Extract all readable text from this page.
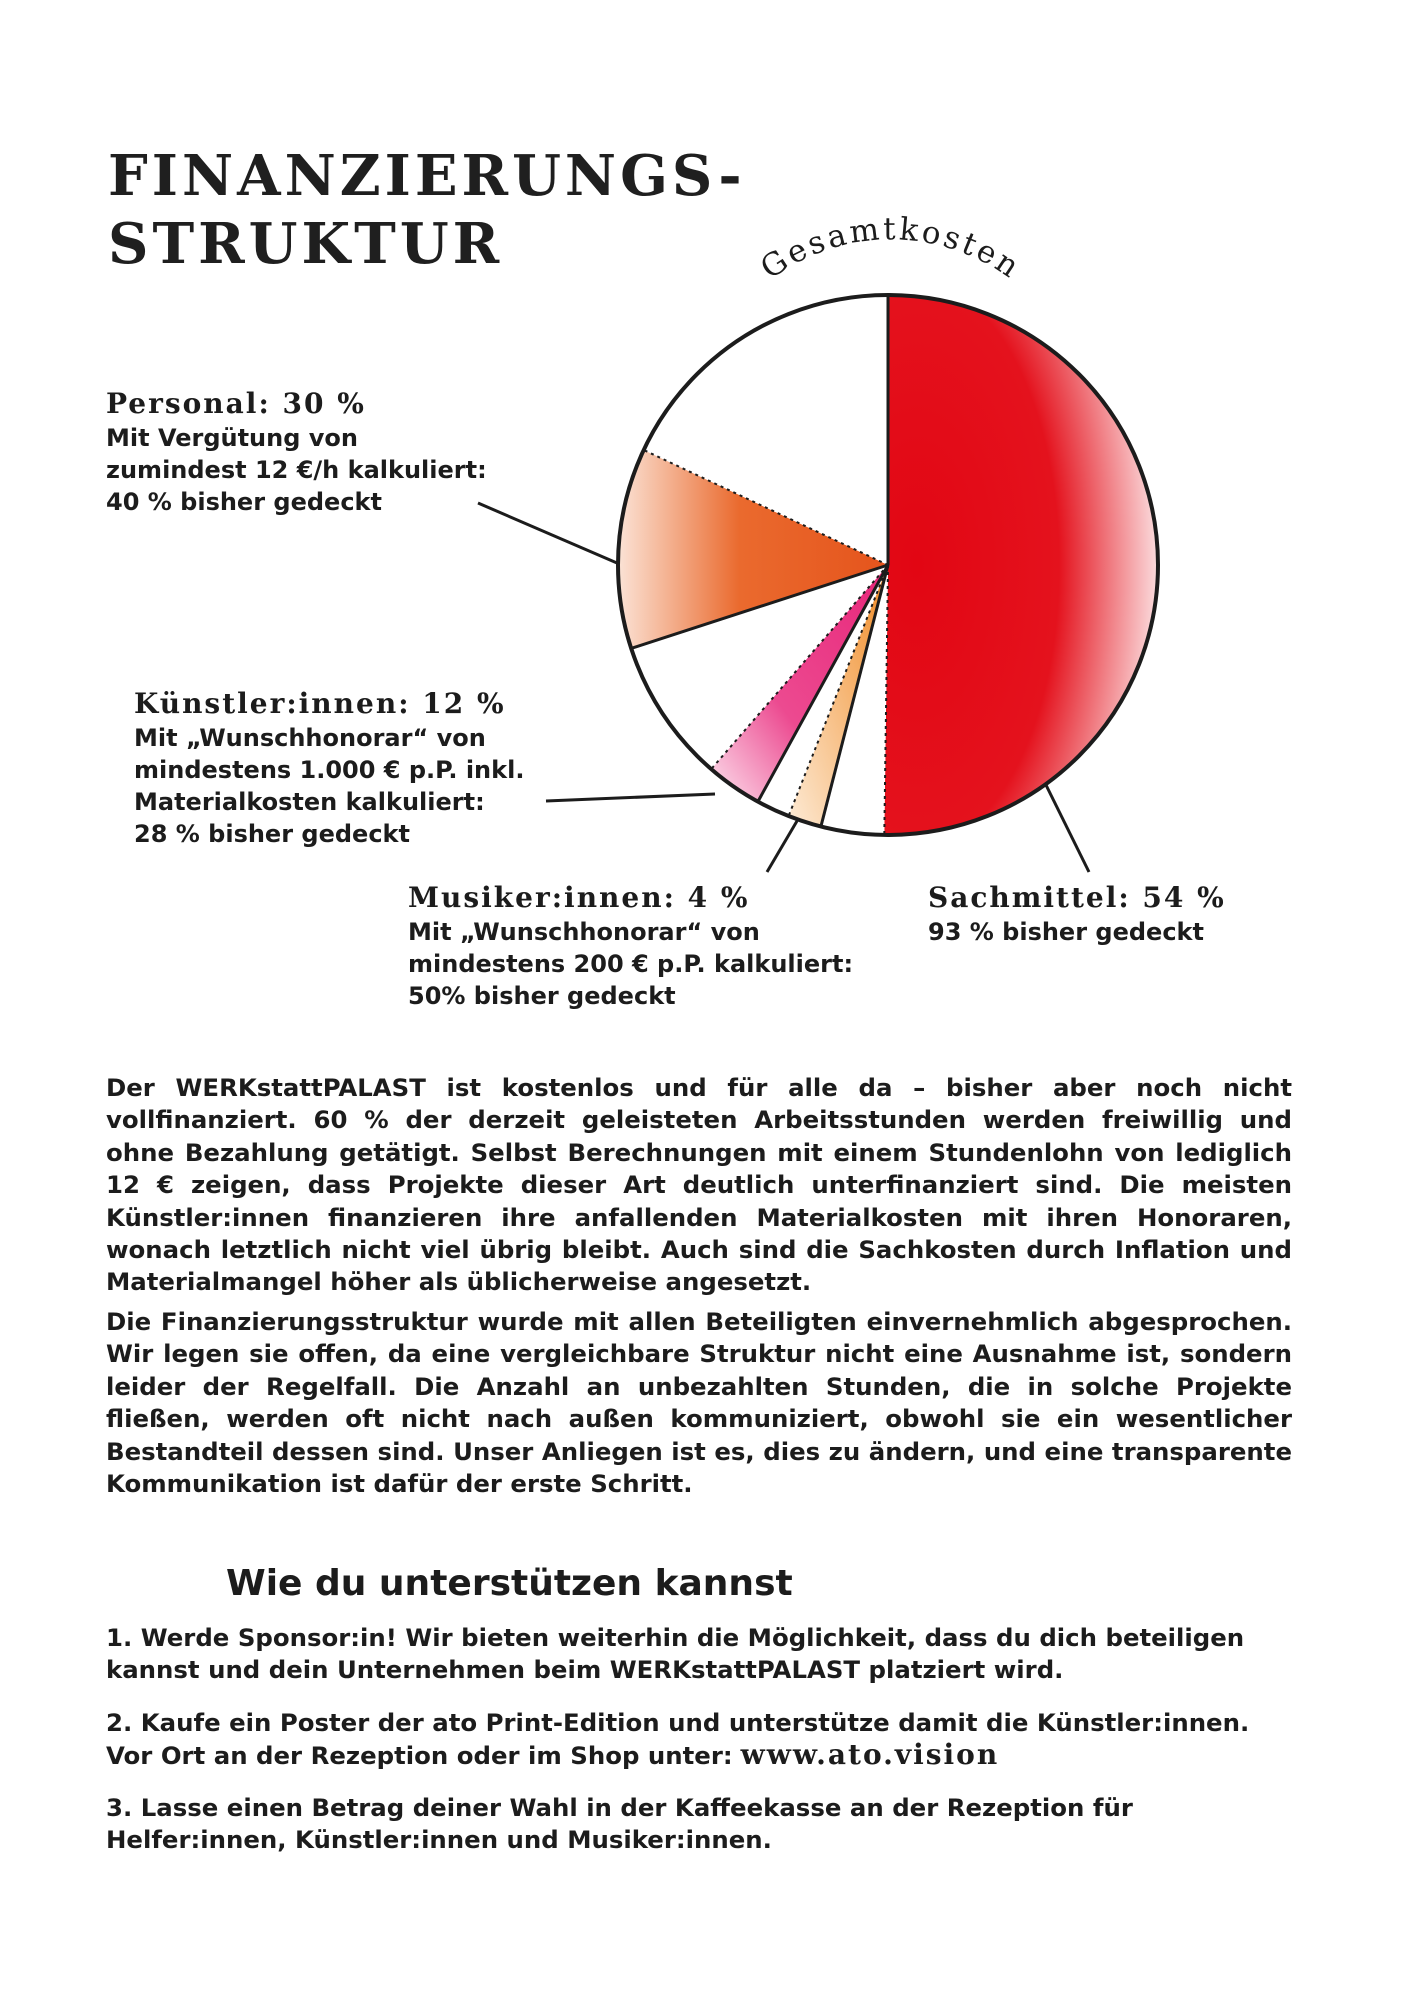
FINANZIERUNGS-
STRUKTUR	Gesamtkosten
Personal: 30 %
Mit Vergütung von
zumindest 12 €/h kalkuliert:
40 % bisher gedeckt
Künstler:innen: 12 %
Mit „Wunschhonorar“ von
mindestens 1.000 € p.P. inkl.
Materialkosten kalkuliert:
28 % bisher gedeckt
Musiker:innen: 4 %
Mit „Wunschhonorar“ von
mindestens 200 € p.P. kalkuliert:
50% bisher gedeckt
Sachmittel: 54 %
93 % bisher gedeckt

Der WERKstattPALAST ist kostenlos und für alle da – bisher aber noch nicht vollfinanziert. 60 % der derzeit geleisteten Arbeitsstunden werden freiwillig und ohne Bezahlung getätigt. Selbst Berechnungen mit einem Stundenlohn von lediglich 12 € zeigen, dass Projekte dieser Art deutlich unterfinanziert sind. Die meisten Künstler:innen finanzieren ihre anfallenden Materialkosten mit ihren Honoraren, wonach letztlich nicht viel übrig bleibt. Auch sind die Sachkosten durch Inflation und Materialmangel höher als üblicherweise angesetzt.

Die Finanzierungsstruktur wurde mit allen Beteiligten einvernehmlich abgesprochen. Wir legen sie offen, da eine vergleichbare Struktur nicht eine Ausnahme ist, sondern leider der Regelfall. Die Anzahl an unbezahlten Stunden, die in solche Projekte fließen, werden oft nicht nach außen kommuniziert, obwohl sie ein wesentlicher Bestandteil dessen sind. Unser Anliegen ist es, dies zu ändern, und eine transparente Kommunikation ist dafür der erste Schritt.

Wie du unterstützen kannst

1. Werde Sponsor:in! Wir bieten weiterhin die Möglichkeit, dass du dich beteiligen kannst und dein Unternehmen beim WERKstattPALAST platziert wird.

2. Kaufe ein Poster der ato Print-Edition und unterstütze damit die Künstler:innen. Vor Ort an der Rezeption oder im Shop unter: www.ato.vision

3. Lasse einen Betrag deiner Wahl in der Kaffeekasse an der Rezeption für Helfer:innen, Künstler:innen und Musiker:innen.
